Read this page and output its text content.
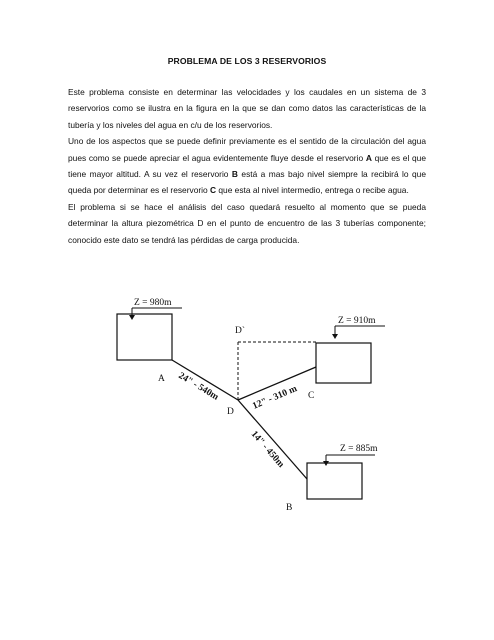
PROBLEMA DE LOS 3 RESERVORIOS

Este problema consiste en determinar las velocidades y los caudales en un sistema de 3 reservorios como se ilustra en la figura en la que se dan como datos las características de la tubería y los niveles del agua en c/u de los reservorios.

Uno de los aspectos que se puede definir previamente es el sentido de la circulación del agua pues como se puede apreciar el agua evidentemente fluye desde el reservorio A que es el que tiene mayor altitud. A su vez el reservorio B está a mas bajo nivel siempre la recibirá lo que queda por determinar es el reservorio C que esta al nivel intermedio, entrega o recibe agua.

El problema si se hace el análisis del caso quedará resuelto al momento que se pueda determinar la altura piezométrica D en el punto de encuentro de las 3 tuberías componente; conocido este dato se tendrá las pérdidas de carga producida.

Z = 980m
A
Z = 910m
C
Z = 885m
B
D`
D
24" - 540m	12" - 310 m
14" - 450m
